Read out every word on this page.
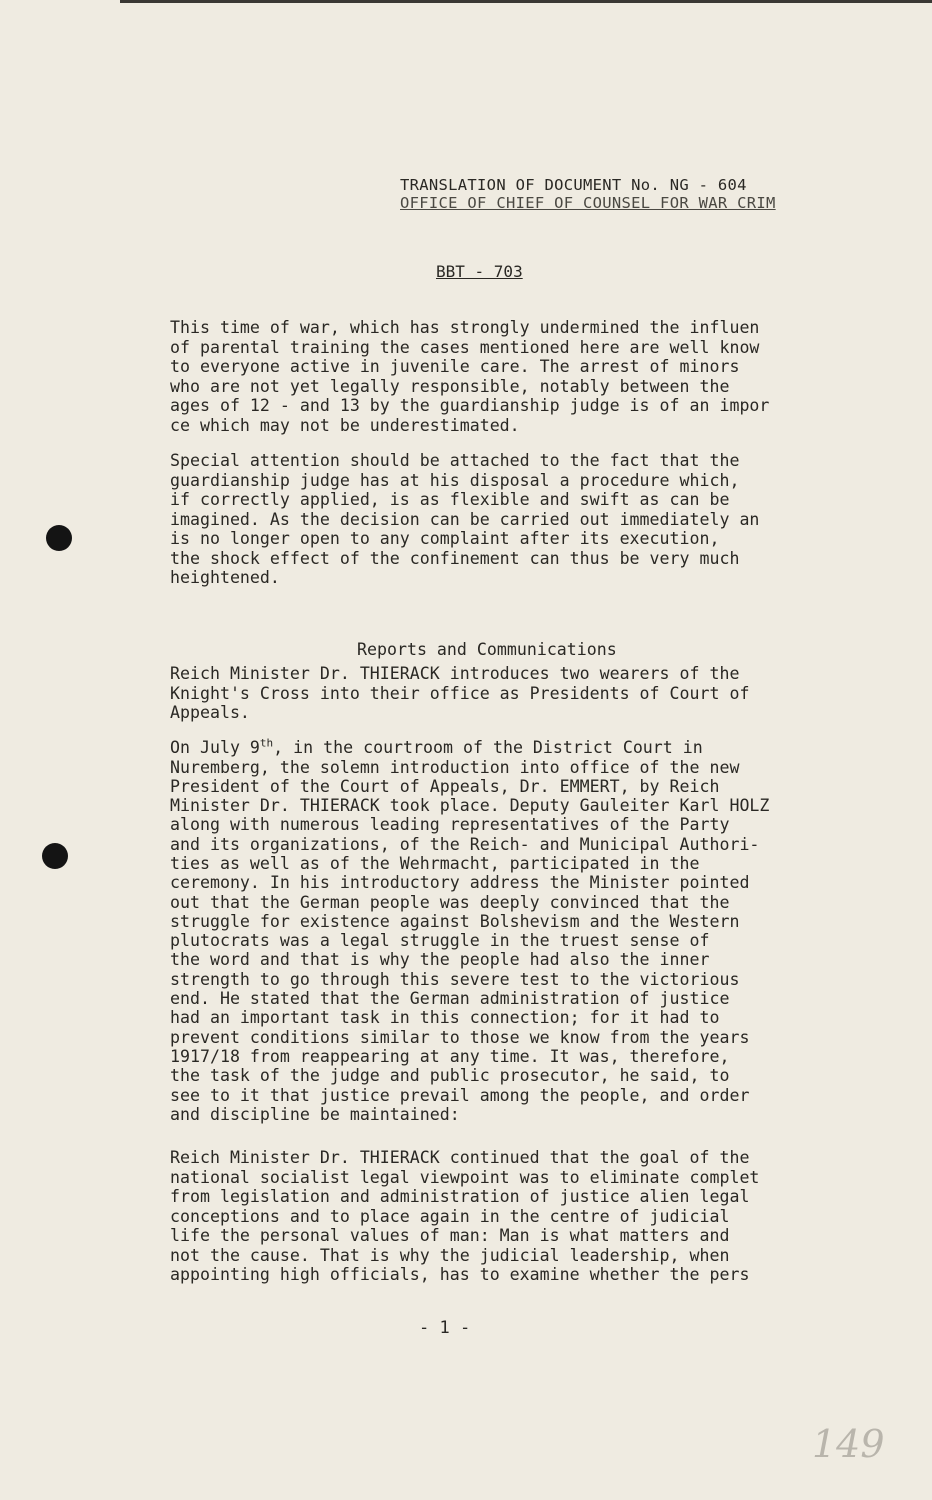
TRANSLATION OF DOCUMENT No. NG - 604
OFFICE OF CHIEF OF COUNSEL FOR WAR CRIM
BBT - 703
This time of war, which has strongly undermined the influen
of parental training the cases mentioned here are well know
to everyone active in juvenile care. The arrest of minors
who are not yet legally responsible, notably between the
ages of 12 - and 13 by the guardianship judge is of an impor
ce which may not be underestimated.
Special attention should be attached to the fact that the
guardianship judge has at his disposal a procedure which,
if correctly applied, is as flexible and swift as can be
imagined. As the decision can be carried out immediately an
is no longer open to any complaint after its execution,
the shock effect of the confinement can thus be very much
heightened.
Reports and Communications
Reich Minister Dr. THIERACK introduces two wearers of the
Knight's Cross into their office as Presidents of Court of
Appeals.
On July 9th, in the courtroom of the District Court in
Nuremberg, the solemn introduction into office of the new
President of the Court of Appeals, Dr. EMMERT, by Reich
Minister Dr. THIERACK took place. Deputy Gauleiter Karl HOLZ
along with numerous leading representatives of the Party
and its organizations, of the Reich- and Municipal Authori-
ties as well as of the Wehrmacht, participated in the
ceremony. In his introductory address the Minister pointed
out that the German people was deeply convinced that the
struggle for existence against Bolshevism and the Western
plutocrats was a legal struggle in the truest sense of
the word and that is why the people had also the inner
strength to go through this severe test to the victorious
end. He stated that the German administration of justice
had an important task in this connection; for it had to
prevent conditions similar to those we know from the years
1917/18 from reappearing at any time. It was, therefore,
the task of the judge and public prosecutor, he said, to
see to it that justice prevail among the people, and order
and discipline be maintained:
Reich Minister Dr. THIERACK continued that the goal of the
national socialist legal viewpoint was to eliminate complet
from legislation and administration of justice alien legal
conceptions and to place again in the centre of judicial
life the personal values of man: Man is what matters and
not the cause. That is why the judicial leadership, when
appointing high officials, has to examine whether the pers
- 1 -
149
